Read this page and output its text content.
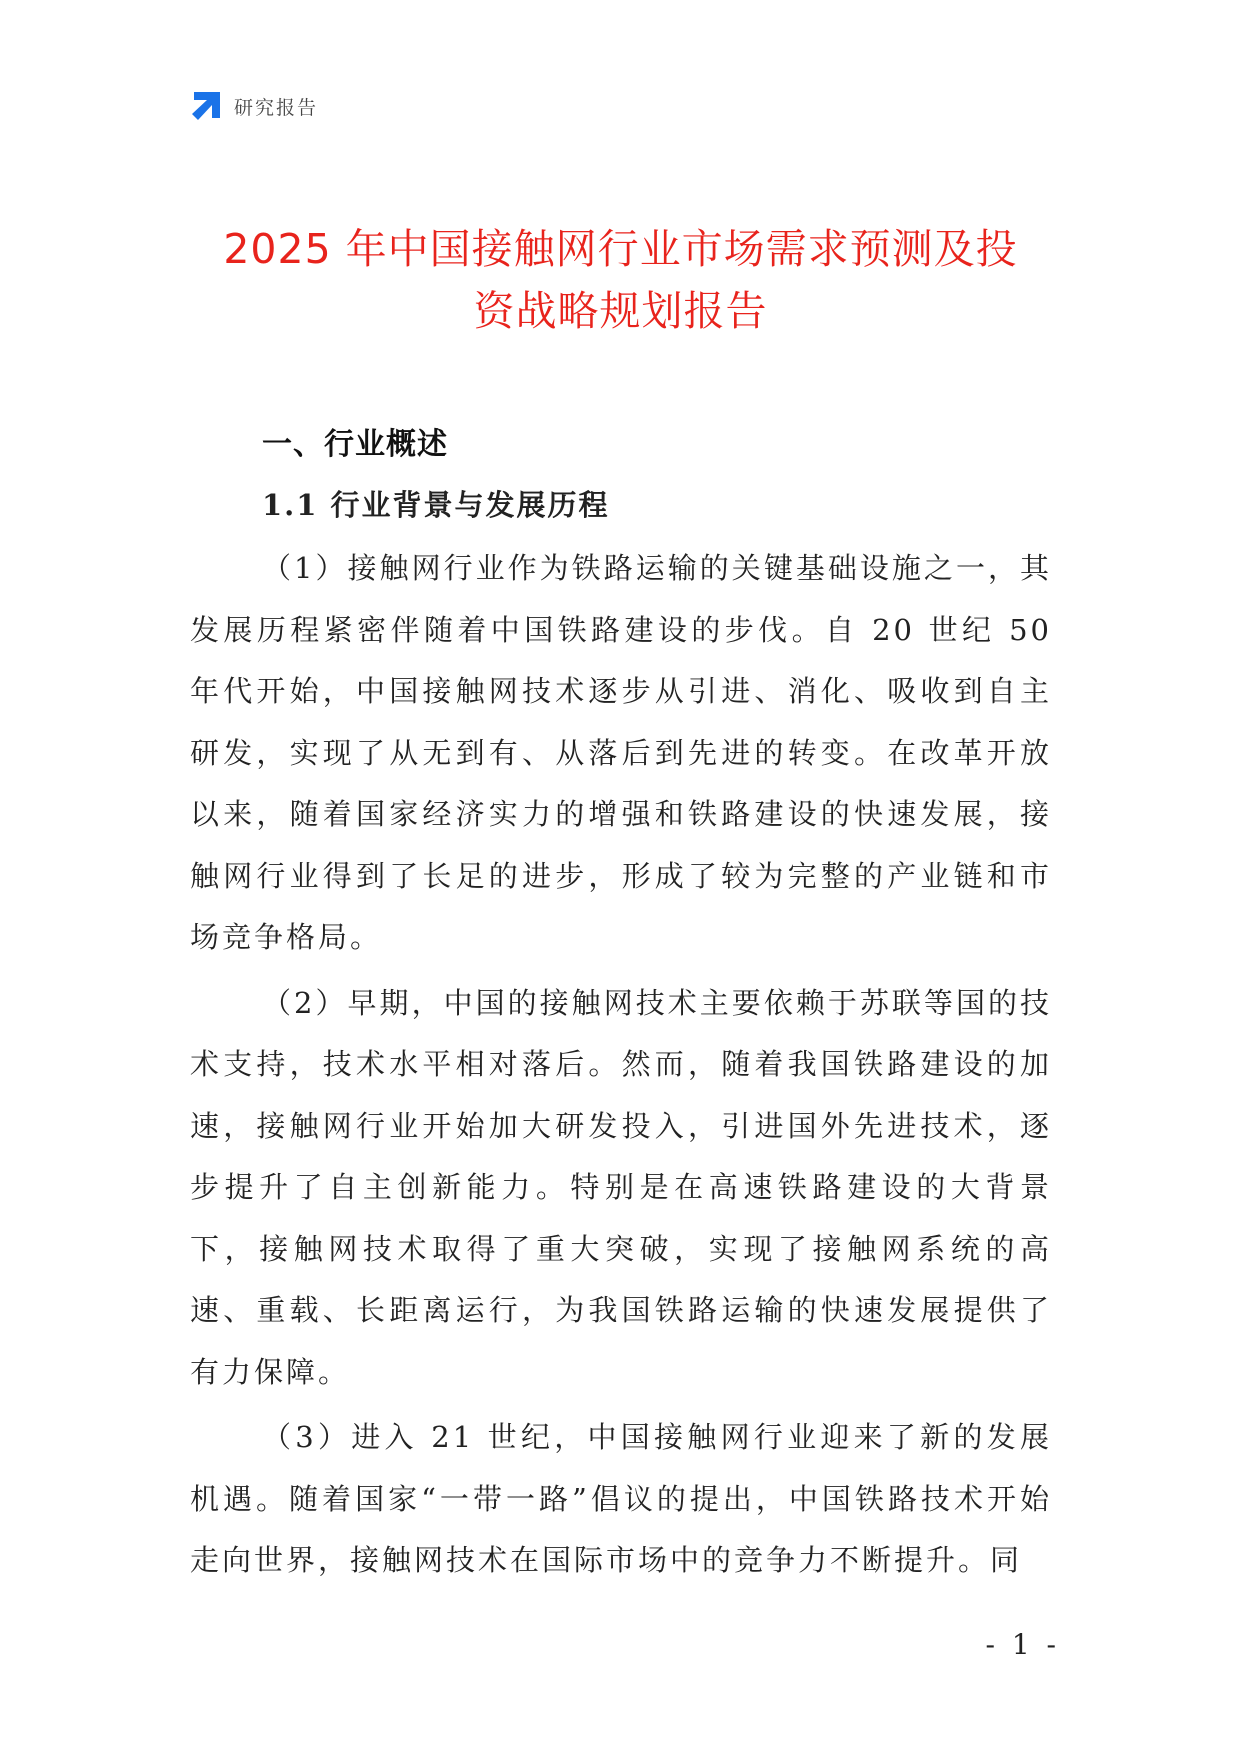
研究报告
2025 年中国接触网行业市场需求预测及投
资战略规划报告
一、行业概述
1.1 行业背景与发展历程

（1）接触网行业作为铁路运输的关键基础设施之一，其发展历程紧密伴随着中国铁路建设的步伐。自 20 世纪 50 年代开始，中国接触网技术逐步从引进、消化、吸收到自主研发，实现了从无到有、从落后到先进的转变。在改革开放以来，随着国家经济实力的增强和铁路建设的快速发展，接触网行业得到了长足的进步，形成了较为完整的产业链和市场竞争格局。

（2）早期，中国的接触网技术主要依赖于苏联等国的技术支持，技术水平相对落后。然而，随着我国铁路建设的加速，接触网行业开始加大研发投入，引进国外先进技术，逐步提升了自主创新能力。特别是在高速铁路建设的大背景下，接触网技术取得了重大突破，实现了接触网系统的高速、重载、长距离运行，为我国铁路运输的快速发展提供了有力保障。

（3）进入 21 世纪，中国接触网行业迎来了新的发展机遇。随着国家“一带一路”倡议的提出，中国铁路技术开始走向世界，接触网技术在国际市场中的竞争力不断提升。同

- 1 -
